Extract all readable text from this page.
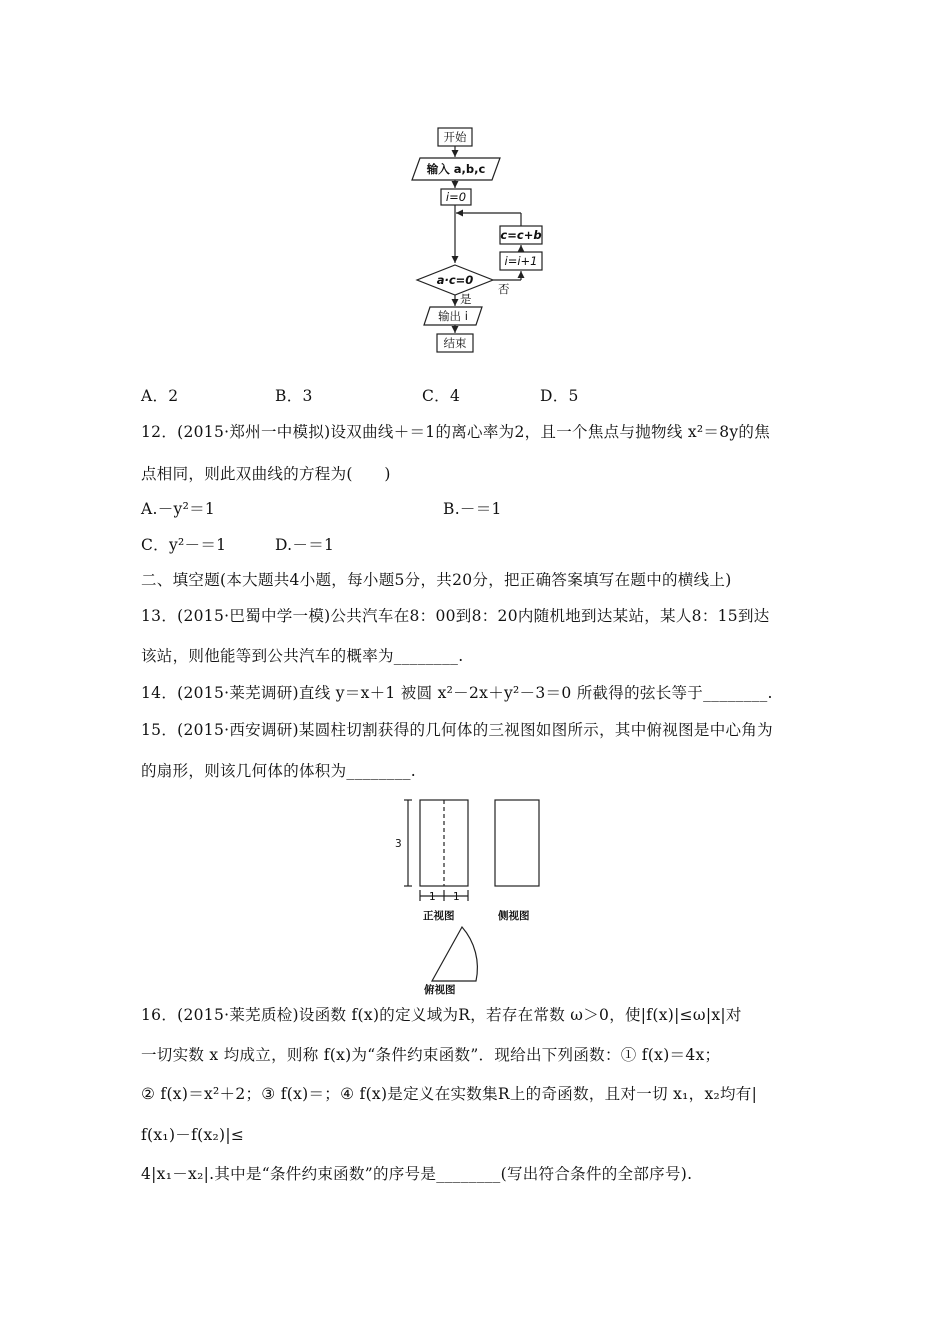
开始
输入 a,b,c
i=0
c=c+b
i=i+1
a·c=0
否
是
输出 i
结束
A．2	B．3	C．4	D．5
12．(2015·郑州一中模拟)设双曲线＋＝1的离心率为2，且一个焦点与抛物线 x²＝8y的焦
点相同，则此双曲线的方程为(　　)
A.－y²＝1	B.－＝1
C．y²－＝1	D.－＝1
二、填空题(本大题共4小题，每小题5分，共20分，把正确答案填写在题中的横线上)
13．(2015·巴蜀中学一模)公共汽车在8：00到8：20内随机地到达某站，某人8：15到达
该站，则他能等到公共汽车的概率为________.
14．(2015·莱芜调研)直线 y＝x＋1 被圆 x²－2x＋y²－3＝0 所截得的弦长等于________.
15．(2015·西安调研)某圆柱切割获得的几何体的三视图如图所示，其中俯视图是中心角为
的扇形，则该几何体的体积为________.
3
1 1
正视图	侧视图
俯视图
16．(2015·莱芜质检)设函数 f(x)的定义域为R，若存在常数 ω＞0，使|f(x)|≤ω|x|对
一切实数 x 均成立，则称 f(x)为“条件约束函数”．现给出下列函数：① f(x)＝4x；
② f(x)＝x²＋2；③ f(x)＝；④ f(x)是定义在实数集R上的奇函数，且对一切 x₁，x₂均有|
f(x₁)－f(x₂)|≤
4|x₁－x₂|.其中是“条件约束函数”的序号是________(写出符合条件的全部序号).
